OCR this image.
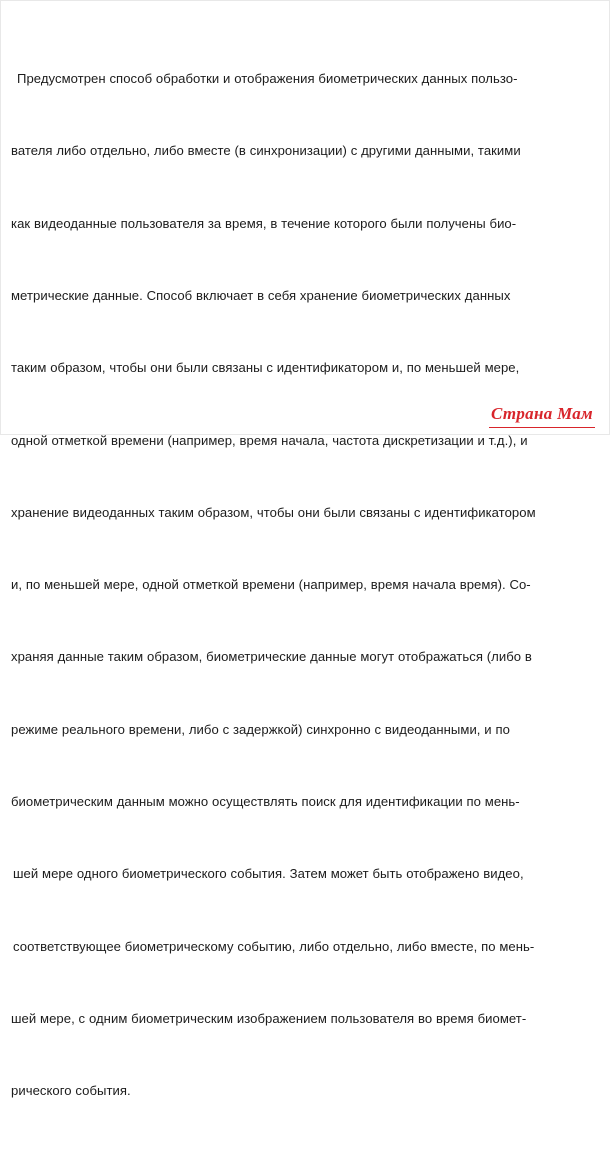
Предусмотрен способ обработки и отображения биометрических данных пользо-

вателя либо отдельно, либо вместе (в синхронизации) с другими данными, такими

как видеоданные пользователя за время, в течение которого были получены био-

метрические данные. Способ включает в себя хранение биометрических данных

таким образом, чтобы они были связаны с идентификатором и, по меньшей мере,

одной отметкой времени (например, время начала, частота дискретизации и т.д.), и

хранение видеоданных таким образом, чтобы они были связаны с идентификатором

и, по меньшей мере, одной отметкой времени (например, время начала время). Со-

храняя данные таким образом, биометрические данные могут отображаться (либо в

режиме реального времени, либо с задержкой) синхронно с видеоданными, и по

биометрическим данным можно осуществлять поиск для идентификации по мень-

шей мере одного биометрического события. Затем может быть отображено видео,

соответствующее биометрическому событию, либо отдельно, либо вместе, по мень-

шей мере, с одним биометрическим изображением пользователя во время биомет-

рического события.

Страна Мам
